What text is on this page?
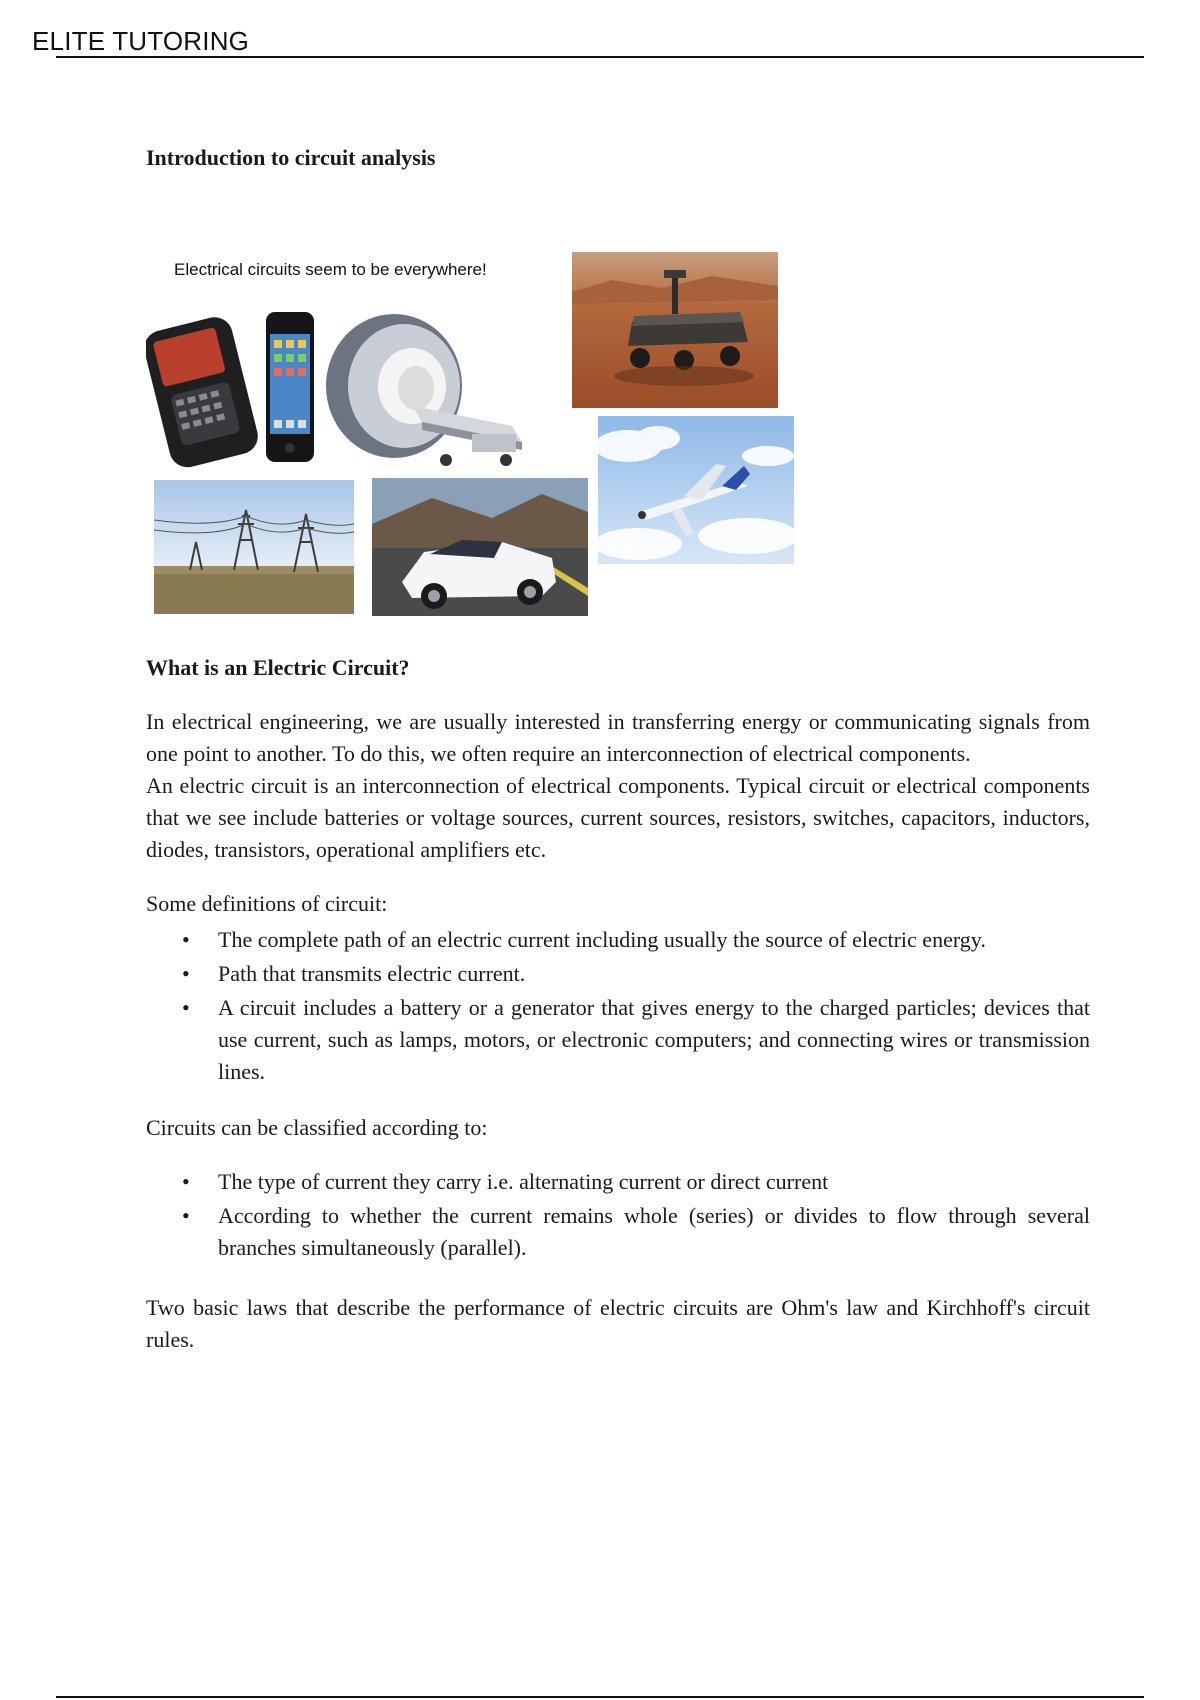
ELITE TUTORING
Introduction to circuit analysis
Electrical circuits seem to be everywhere!
What is an Electric Circuit?

In electrical engineering, we are usually interested in transferring energy or communicating signals from one point to another. To do this, we often require an interconnection of electrical components.

An electric circuit is an interconnection of electrical components. Typical circuit or electrical components that we see include batteries or voltage sources, current sources, resistors, switches, capacitors, inductors, diodes, transistors, operational amplifiers etc.

Some definitions of circuit:

• The complete path of an electric current including usually the source of electric energy.
• Path that transmits electric current.
• A circuit includes a battery or a generator that gives energy to the charged particles; devices that use current, such as lamps, motors, or electronic computers; and connecting wires or transmission lines.

Circuits can be classified according to:

• The type of current they carry i.e. alternating current or direct current
• According to whether the current remains whole (series) or divides to flow through several branches simultaneously (parallel).

Two basic laws that describe the performance of electric circuits are Ohm's law and Kirchhoff's circuit rules.
